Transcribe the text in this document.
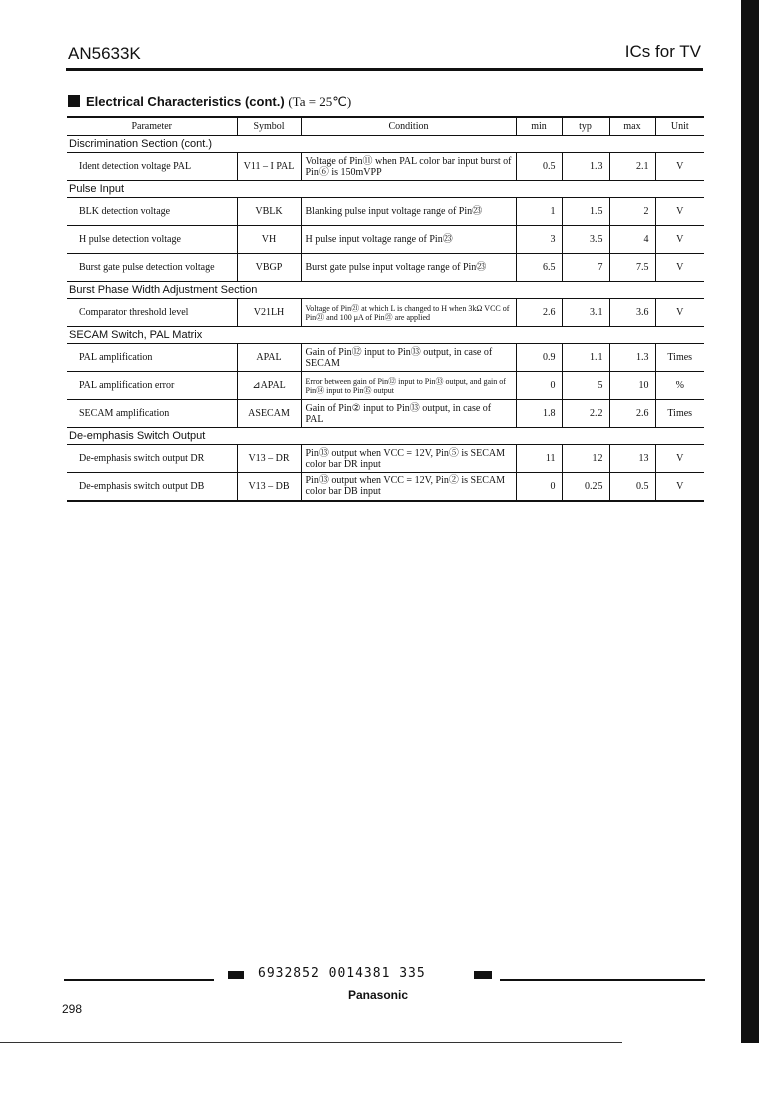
AN5633K	ICs for TV
Electrical Characteristics (cont.) (Ta = 25℃)
Parameter	Symbol	Condition	min	typ	max	Unit
Discrimination Section (cont.)						
Ident detection voltage PAL	V11 – I PAL	Voltage of Pin⑪ when PAL color bar input burst of Pin⑥ is 150mVPP	0.5	1.3	2.1	V
Pulse Input						
BLK detection voltage	VBLK	Blanking pulse input voltage range of Pin㉓	1	1.5	2	V
H pulse detection voltage	VH	H pulse input voltage range of Pin㉓	3	3.5	4	V
Burst gate pulse detection voltage	VBGP	Burst gate pulse input voltage range of Pin㉓	6.5	7	7.5	V
Burst Phase Width Adjustment Section						
Comparator threshold level	V21LH	Voltage of Pin㉑ at which L is changed to H when 3kΩ VCC of Pin㉑ and 100 μA of Pin㉑ are applied	2.6	3.1	3.6	V
SECAM Switch, PAL Matrix						
PAL amplification	APAL	Gain of Pin⑫ input to Pin⑬ output, in case of SECAM	0.9	1.1	1.3	Times
PAL amplification error	⊿APAL	Error between gain of Pin⑫ input to Pin⑬ output, and gain of Pin⑭ input to Pin⑮ output	0	5	10	%
SECAM amplification	ASECAM	Gain of Pin② input to Pin⑬ output, in case of PAL	1.8	2.2	2.6	Times
De-emphasis Switch Output						
De-emphasis switch output DR	V13 – DR	Pin⑬ output when VCC = 12V, Pin⑤ is SECAM color bar DR input	11	12	13	V
De-emphasis switch output DB	V13 – DB	Pin⑬ output when VCC = 12V, Pin② is SECAM color bar DB input	0	0.25	0.5	V
6932852 0014381 335
Panasonic
298
